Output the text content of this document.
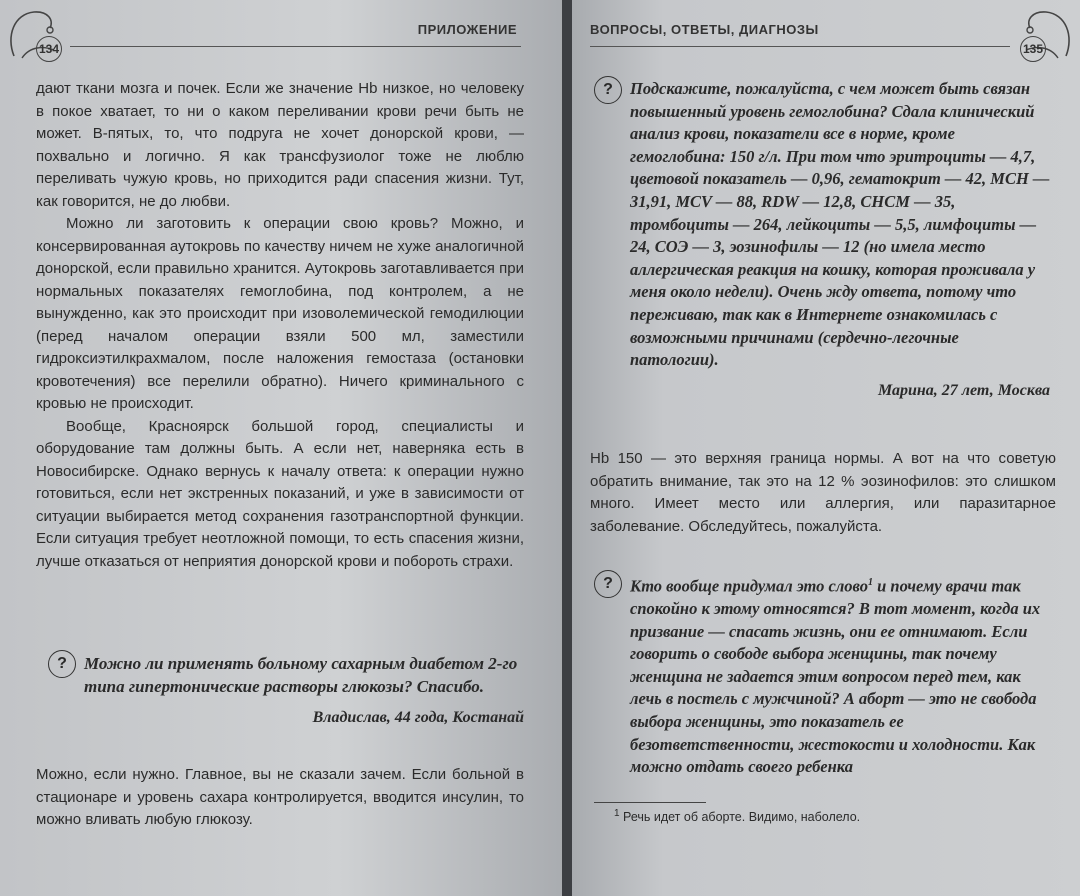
134
ПРИЛОЖЕНИЕ

дают ткани мозга и почек. Если же значение Hb низкое, но человеку в покое хватает, то ни о каком переливании крови речи быть не может. В-пятых, то, что подруга не хочет донорской крови, — похвально и логично. Я как трансфузиолог тоже не люблю переливать чужую кровь, но приходится ради спасения жизни. Тут, как говорится, не до любви.

Можно ли заготовить к операции свою кровь? Можно, и консервированная аутокровь по качеству ничем не хуже аналогичной донорской, если правильно хранится. Аутокровь заготавливается при нормальных показателях гемоглобина, под контролем, а не вынужденно, как это происходит при изоволемической гемодилюции (перед началом операции взяли 500 мл, заместили гидроксиэтилкрахмалом, после наложения гемостаза (остановки кровотечения) все перелили обратно). Ничего криминального с кровью не происходит.

Вообще, Красноярск большой город, специалисты и оборудование там должны быть. А если нет, наверняка есть в Новосибирске. Однако вернусь к началу ответа: к операции нужно готовиться, если нет экстренных показаний, и уже в зависимости от ситуации выбирается метод сохранения газотранспортной функции. Если ситуация требует неотложной помощи, то есть спасения жизни, лучше отказаться от неприятия донорской крови и побороть страхи.

?	Можно ли применять больному сахарным диабетом 2-го типа гипертонические растворы глюкозы? Спасибо.
Владислав, 44 года, Костанай

Можно, если нужно. Главное, вы не сказали зачем. Если больной в стационаре и уровень сахара контролируется, вводится инсулин, то можно вливать любую глюкозу.

ВОПРОСЫ, ОТВЕТЫ, ДИАГНОЗЫ
135
?	Подскажите, пожалуйста, с чем может быть связан повышенный уровень гемоглобина? Сдала клинический анализ крови, показатели все в норме, кроме гемоглобина: 150 г/л. При том что эритроциты — 4,7, цветовой показатель — 0,96, гематокрит — 42, MCH — 31,91, MCV — 88, RDW — 12,8, CHCM — 35, тромбоциты — 264, лейкоциты — 5,5, лимфоциты — 24, СОЭ — 3, эозинофилы — 12 (но имела место аллергическая реакция на кошку, которая проживала у меня около недели). Очень жду ответа, потому что переживаю, так как в Интернете ознакомилась с возможными причинами (сердечно-легочные патологии).
Марина, 27 лет, Москва

Hb 150 — это верхняя граница нормы. А вот на что советую обратить внимание, так это на 12 % эозинофилов: это слишком много. Имеет место или аллергия, или паразитарное заболевание. Обследуйтесь, пожалуйста.

?	Кто вообще придумал это слово$^1$ и почему врачи так спокойно к этому относятся? В тот момент, когда их призвание — спасать жизнь, они ее отнимают. Если говорить о свободе выбора женщины, так почему женщина не задается этим вопросом перед тем, как лечь в постель с мужчиной? А аборт — это не свобода выбора женщины, это показатель ее безответственности, жестокости и холодности. Как можно отдать своего ребенка
$^1$ Речь идет об аборте. Видимо, наболело.
